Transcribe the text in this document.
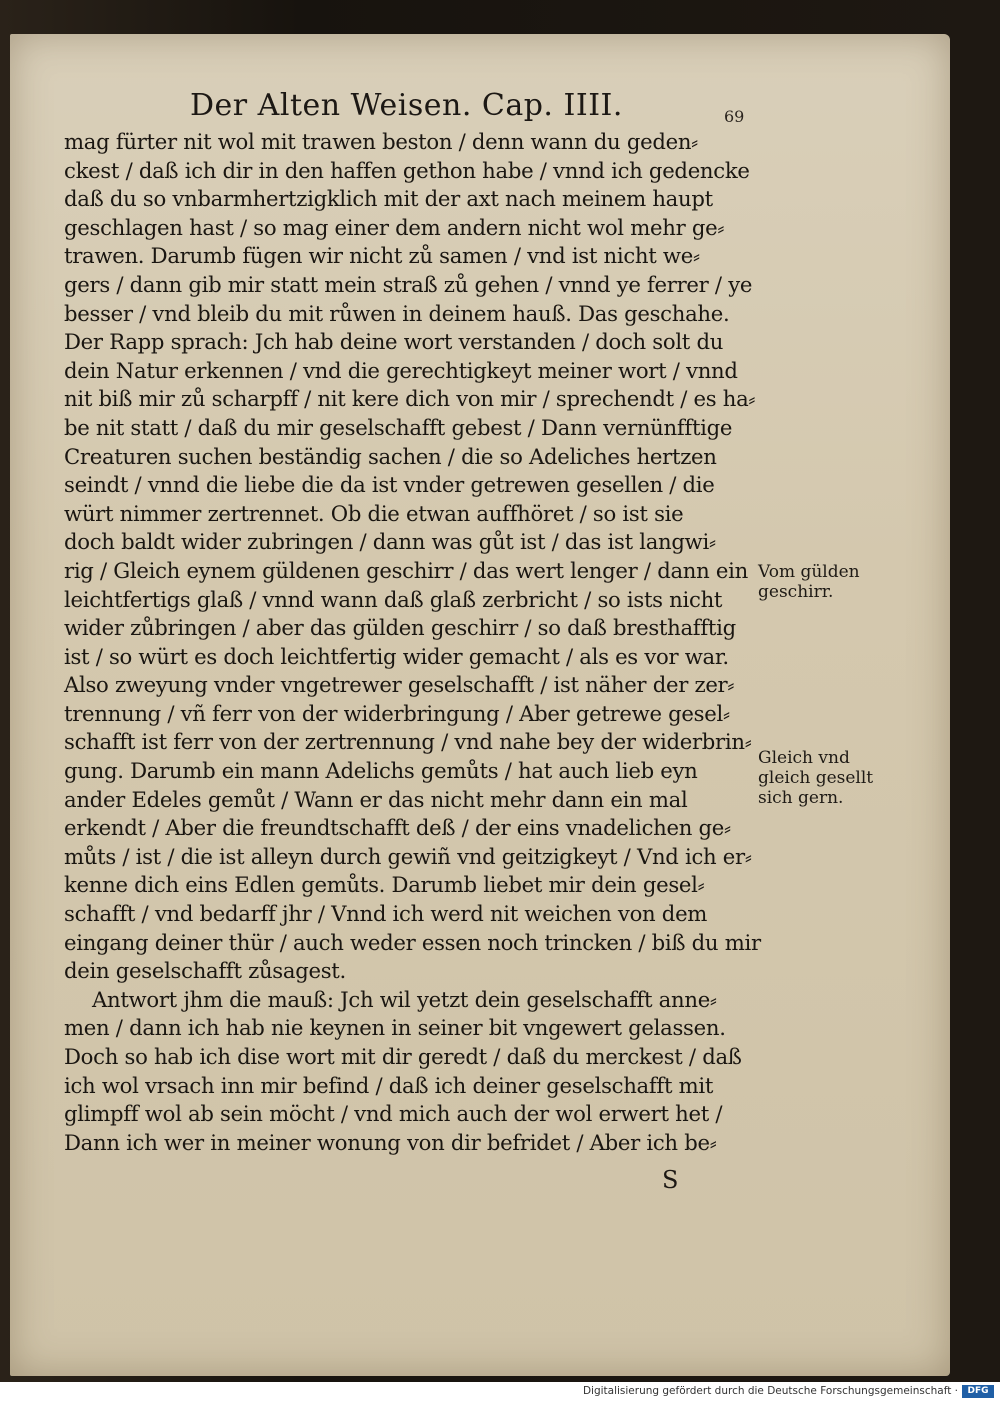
Der Alten Weisen. Cap. IIII.	69
mag fürter nit wol mit trawen beston / denn wann du geden⸗
ckest / daß ich dir in den haffen gethon habe / vnnd ich gedencke
daß du so vnbarmhertzigklich mit der axt nach meinem haupt
geschlagen hast / so mag einer dem andern nicht wol mehr ge⸗
trawen. Darumb fügen wir nicht zů samen / vnd ist nicht we⸗
gers / dann gib mir statt mein straß zů gehen / vnnd ye ferrer / ye
besser / vnd bleib du mit růwen in deinem hauß. Das geschahe.
Der Rapp sprach: Jch hab deine wort verstanden / doch solt du
dein Natur erkennen / vnd die gerechtigkeyt meiner wort / vnnd
nit biß mir zů scharpff / nit kere dich von mir / sprechendt / es ha⸗
be nit statt / daß du mir geselschafft gebest / Dann vernünfftige
Creaturen suchen beständig sachen / die so Adeliches hertzen
seindt / vnnd die liebe die da ist vnder getrewen gesellen / die
würt nimmer zertrennet. Ob die etwan auffhöret / so ist sie
doch baldt wider zubringen / dann was gůt ist / das ist langwi⸗
rig / Gleich eynem güldenen geschirr / das wert lenger / dann ein
leichtfertigs glaß / vnnd wann daß glaß zerbricht / so ists nicht
wider zůbringen / aber das gülden geschirr / so daß bresthafftig
ist / so würt es doch leichtfertig wider gemacht / als es vor war.
Also zweyung vnder vngetrewer geselschafft / ist näher der zer⸗
trennung / vñ ferr von der widerbringung / Aber getrewe gesel⸗
schafft ist ferr von der zertrennung / vnd nahe bey der widerbrin⸗
gung. Darumb ein mann Adelichs gemůts / hat auch lieb eyn
ander Edeles gemůt / Wann er das nicht mehr dann ein mal
erkendt / Aber die freundtschafft deß / der eins vnadelichen ge⸗
můts / ist / die ist alleyn durch gewiñ vnd geitzigkeyt / Vnd ich er⸗
kenne dich eins Edlen gemůts. Darumb liebet mir dein gesel⸗
schafft / vnd bedarff jhr / Vnnd ich werd nit weichen von dem
eingang deiner thür / auch weder essen noch trincken / biß du mir
dein geselschafft zůsagest.
Antwort jhm die mauß: Jch wil yetzt dein geselschafft anne⸗
men / dann ich hab nie keynen in seiner bit vngewert gelassen.
Doch so hab ich dise wort mit dir geredt / daß du merckest / daß
ich wol vrsach inn mir befind / daß ich deiner geselschafft mit
glimpff wol ab sein möcht / vnd mich auch der wol erwert het /
Dann ich wer in meiner wonung von dir befridet / Aber ich be⸗
Vom gülden
geschirr.
Gleich vnd
gleich gesellt
sich gern.
S
Digitalisierung gefördert durch die Deutsche Forschungsgemeinschaft ·	DFG
